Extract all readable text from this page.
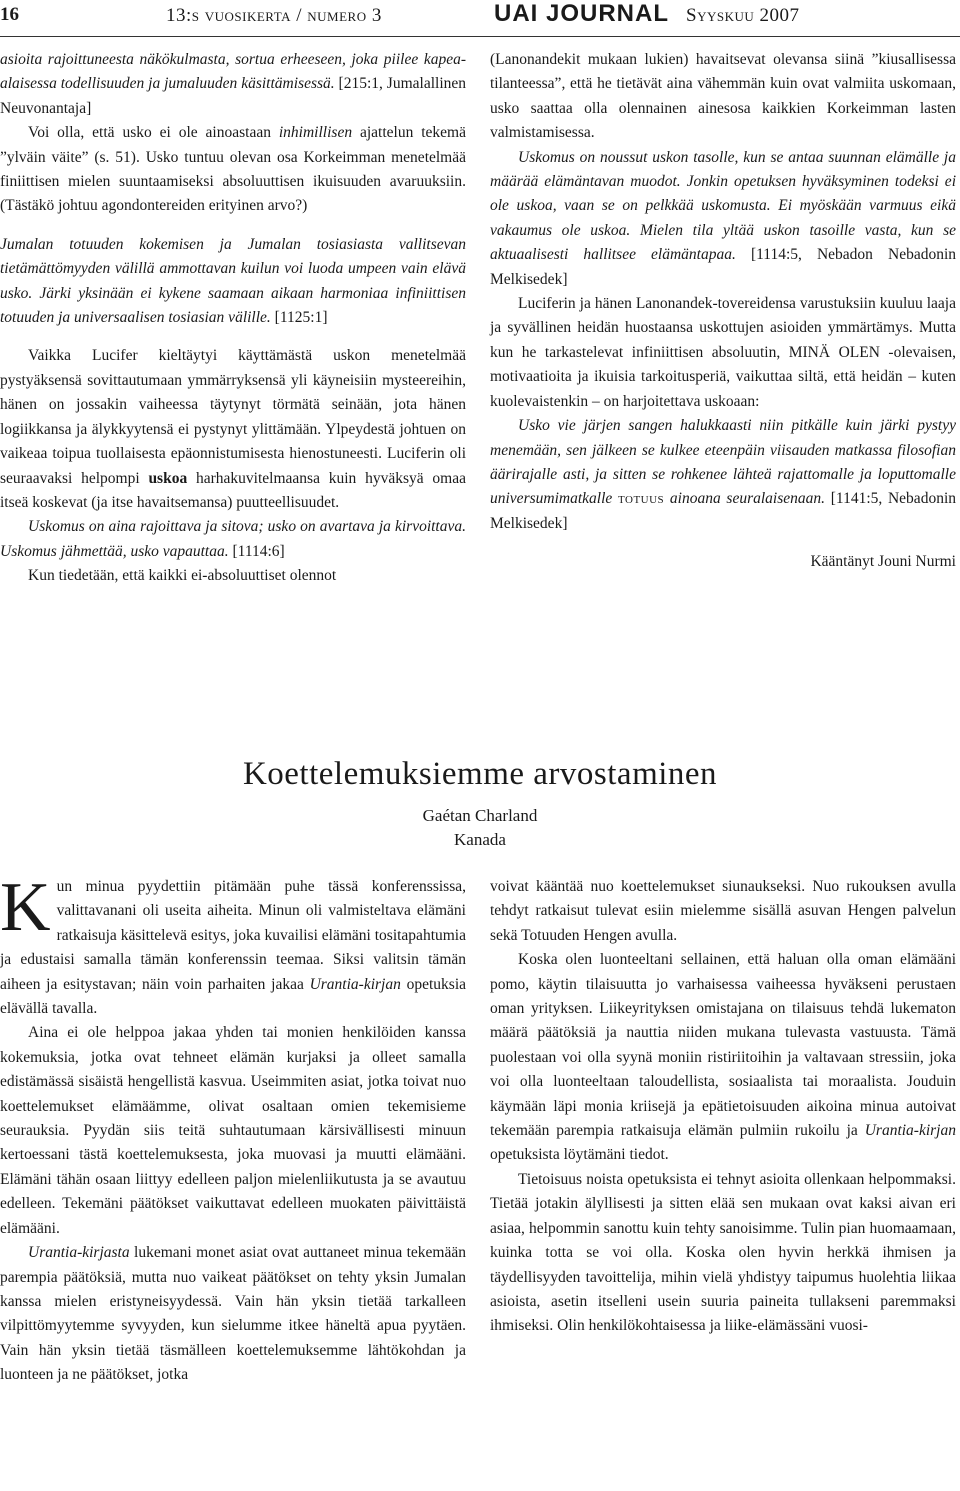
16	13:s vuosikerta / numero 3	UAI JOURNAL Syyskuu 2007

asioita rajoittuneesta näkökulmasta, sortua erheeseen, joka piilee kapea-alaisessa todellisuuden ja jumaluuden käsittämisessä. [215:1, Jumalallinen Neuvonantaja]

Voi olla, että usko ei ole ainoastaan inhimillisen ajattelun tekemä ”ylväin väite” (s. 51). Usko tuntuu olevan osa Korkeimman menetelmää finiittisen mielen suuntaamiseksi absoluuttisen ikuisuuden avaruuksiin. (Tästäkö johtuu agondontereiden erityinen arvo?)

Jumalan totuuden kokemisen ja Jumalan tosiasiasta vallitsevan tietämättömyyden välillä ammottavan kuilun voi luoda umpeen vain elävä usko. Järki yksinään ei kykene saamaan aikaan harmoniaa infiniittisen totuuden ja universaalisen tosiasian välille. [1125:1]

Vaikka Lucifer kieltäytyi käyttämästä uskon menetelmää pystyäksensä sovittautumaan ymmärryksensä yli käyneisiin mysteereihin, hänen on jossakin vaiheessa täytynyt törmätä seinään, jota hänen logiikkansa ja älykkyytensä ei pystynyt ylittämään. Ylpeydestä johtuen on vaikeaa toipua tuollaisesta epäonnistumisesta hienostuneesti. Luciferin oli seuraavaksi helpompi uskoa harhakuvitelmaansa kuin hyväksyä omaa itseä koskevat (ja itse havaitsemansa) puutteellisuudet.

Uskomus on aina rajoittava ja sitova; usko on avartava ja kirvoittava. Uskomus jähmettää, usko vapauttaa. [1114:6]

Kun tiedetään, että kaikki ei-absoluuttiset olennot

(Lanonandekit mukaan lukien) havaitsevat olevansa siinä ”kiusallisessa tilanteessa”, että he tietävät aina vähemmän kuin ovat valmiita uskomaan, usko saattaa olla olennainen ainesosa kaikkien Korkeimman lasten valmistamisessa.

Uskomus on noussut uskon tasolle, kun se antaa suunnan elämälle ja määrää elämäntavan muodot. Jonkin opetuksen hyväksyminen todeksi ei ole uskoa, vaan se on pelkkää uskomusta. Ei myöskään varmuus eikä vakaumus ole uskoa. Mielen tila yltää uskon tasoille vasta, kun se aktuaalisesti hallitsee elämäntapaa. [1114:5, Nebadon Nebadonin Melkisedek]

Luciferin ja hänen Lanonandek-tovereidensa varustuksiin kuuluu laaja ja syvällinen heidän huostaansa uskottujen asioiden ymmärtämys. Mutta kun he tarkastelevat infiniittisen absoluutin, MINÄ OLEN -olevaisen, motivaatioita ja ikuisia tarkoitusperiä, vaikuttaa siltä, että heidän – kuten kuolevaistenkin – on harjoitettava uskoaan:

Usko vie järjen sangen halukkaasti niin pitkälle kuin järki pystyy menemään, sen jälkeen se kulkee eteenpäin viisauden matkassa filosofian äärirajalle asti, ja sitten se rohkenee lähteä rajattomalle ja loputtomalle universumimatkalle totuus ainoana seuralaisenaan. [1141:5, Nebadonin Melkisedek]

Kääntänyt Jouni Nurmi

Koettelemuksiemme arvostaminen
Gaétan Charland
Kanada

Kun minua pyydettiin pitämään puhe tässä konferenssissa, valittavanani oli useita aiheita. Minun oli valmisteltava elämäni ratkaisuja käsittelevä esitys, joka kuvailisi elämäni tositapahtumia ja edustaisi samalla tämän konferenssin teemaa. Siksi valitsin tämän aiheen ja esitystavan; näin voin parhaiten jakaa Urantia-kirjan opetuksia elävällä tavalla.

Aina ei ole helppoa jakaa yhden tai monien henkilöiden kanssa kokemuksia, jotka ovat tehneet elämän kurjaksi ja olleet samalla edistämässä sisäistä hengellistä kasvua. Useimmiten asiat, jotka toivat nuo koettelemukset elämäämme, olivat osaltaan omien tekemisieme seurauksia. Pyydän siis teitä suhtautumaan kärsivällisesti minuun kertoessani tästä koettelemuksesta, joka muovasi ja muutti elämääni. Elämäni tähän osaan liittyy edelleen paljon mielenliikutusta ja se avautuu edelleen. Tekemäni päätökset vaikuttavat edelleen muokaten päivittäistä elämääni.

Urantia-kirjasta lukemani monet asiat ovat auttaneet minua tekemään parempia päätöksiä, mutta nuo vaikeat päätökset on tehty yksin Jumalan kanssa mielen eristyneisyydessä. Vain hän yksin tietää tarkalleen vilpittömyytemme syvyyden, kun sielumme itkee häneltä apua pyytäen. Vain hän yksin tietää täsmälleen koettelemuksemme lähtökohdan ja luonteen ja ne päätökset, jotka

voivat kääntää nuo koettelemukset siunaukseksi. Nuo rukouksen avulla tehdyt ratkaisut tulevat esiin mielemme sisällä asuvan Hengen palvelun sekä Totuuden Hengen avulla.

Koska olen luonteeltani sellainen, että haluan olla oman elämääni pomo, käytin tilaisuutta jo varhaisessa vaiheessa hyväkseni perustaen oman yrityksen. Liikeyrityksen omistajana on tilaisuus tehdä lukematon määrä päätöksiä ja nauttia niiden mukana tulevasta vastuusta. Tämä puolestaan voi olla syynä moniin ristiriitoihin ja valtavaan stressiin, joka voi olla luonteeltaan taloudellista, sosiaalista tai moraalista. Jouduin käymään läpi monia kriisejä ja epätietoisuuden aikoina minua autoivat tekemään parempia ratkaisuja elämän pulmiin rukoilu ja Urantia-kirjan opetuksista löytämäni tiedot.

Tietoisuus noista opetuksista ei tehnyt asioita ollenkaan helpommaksi. Tietää jotakin älyllisesti ja sitten elää sen mukaan ovat kaksi aivan eri asiaa, helpommin sanottu kuin tehty sanoisimme. Tulin pian huomaamaan, kuinka totta se voi olla. Koska olen hyvin herkkä ihmisen ja täydellisyyden tavoittelija, mihin vielä yhdistyy taipumus huolehtia liikaa asioista, asetin itselleni usein suuria paineita tullakseni paremmaksi ihmiseksi. Olin henkilökohtaisessa ja liike-elämässäni vuosi-
